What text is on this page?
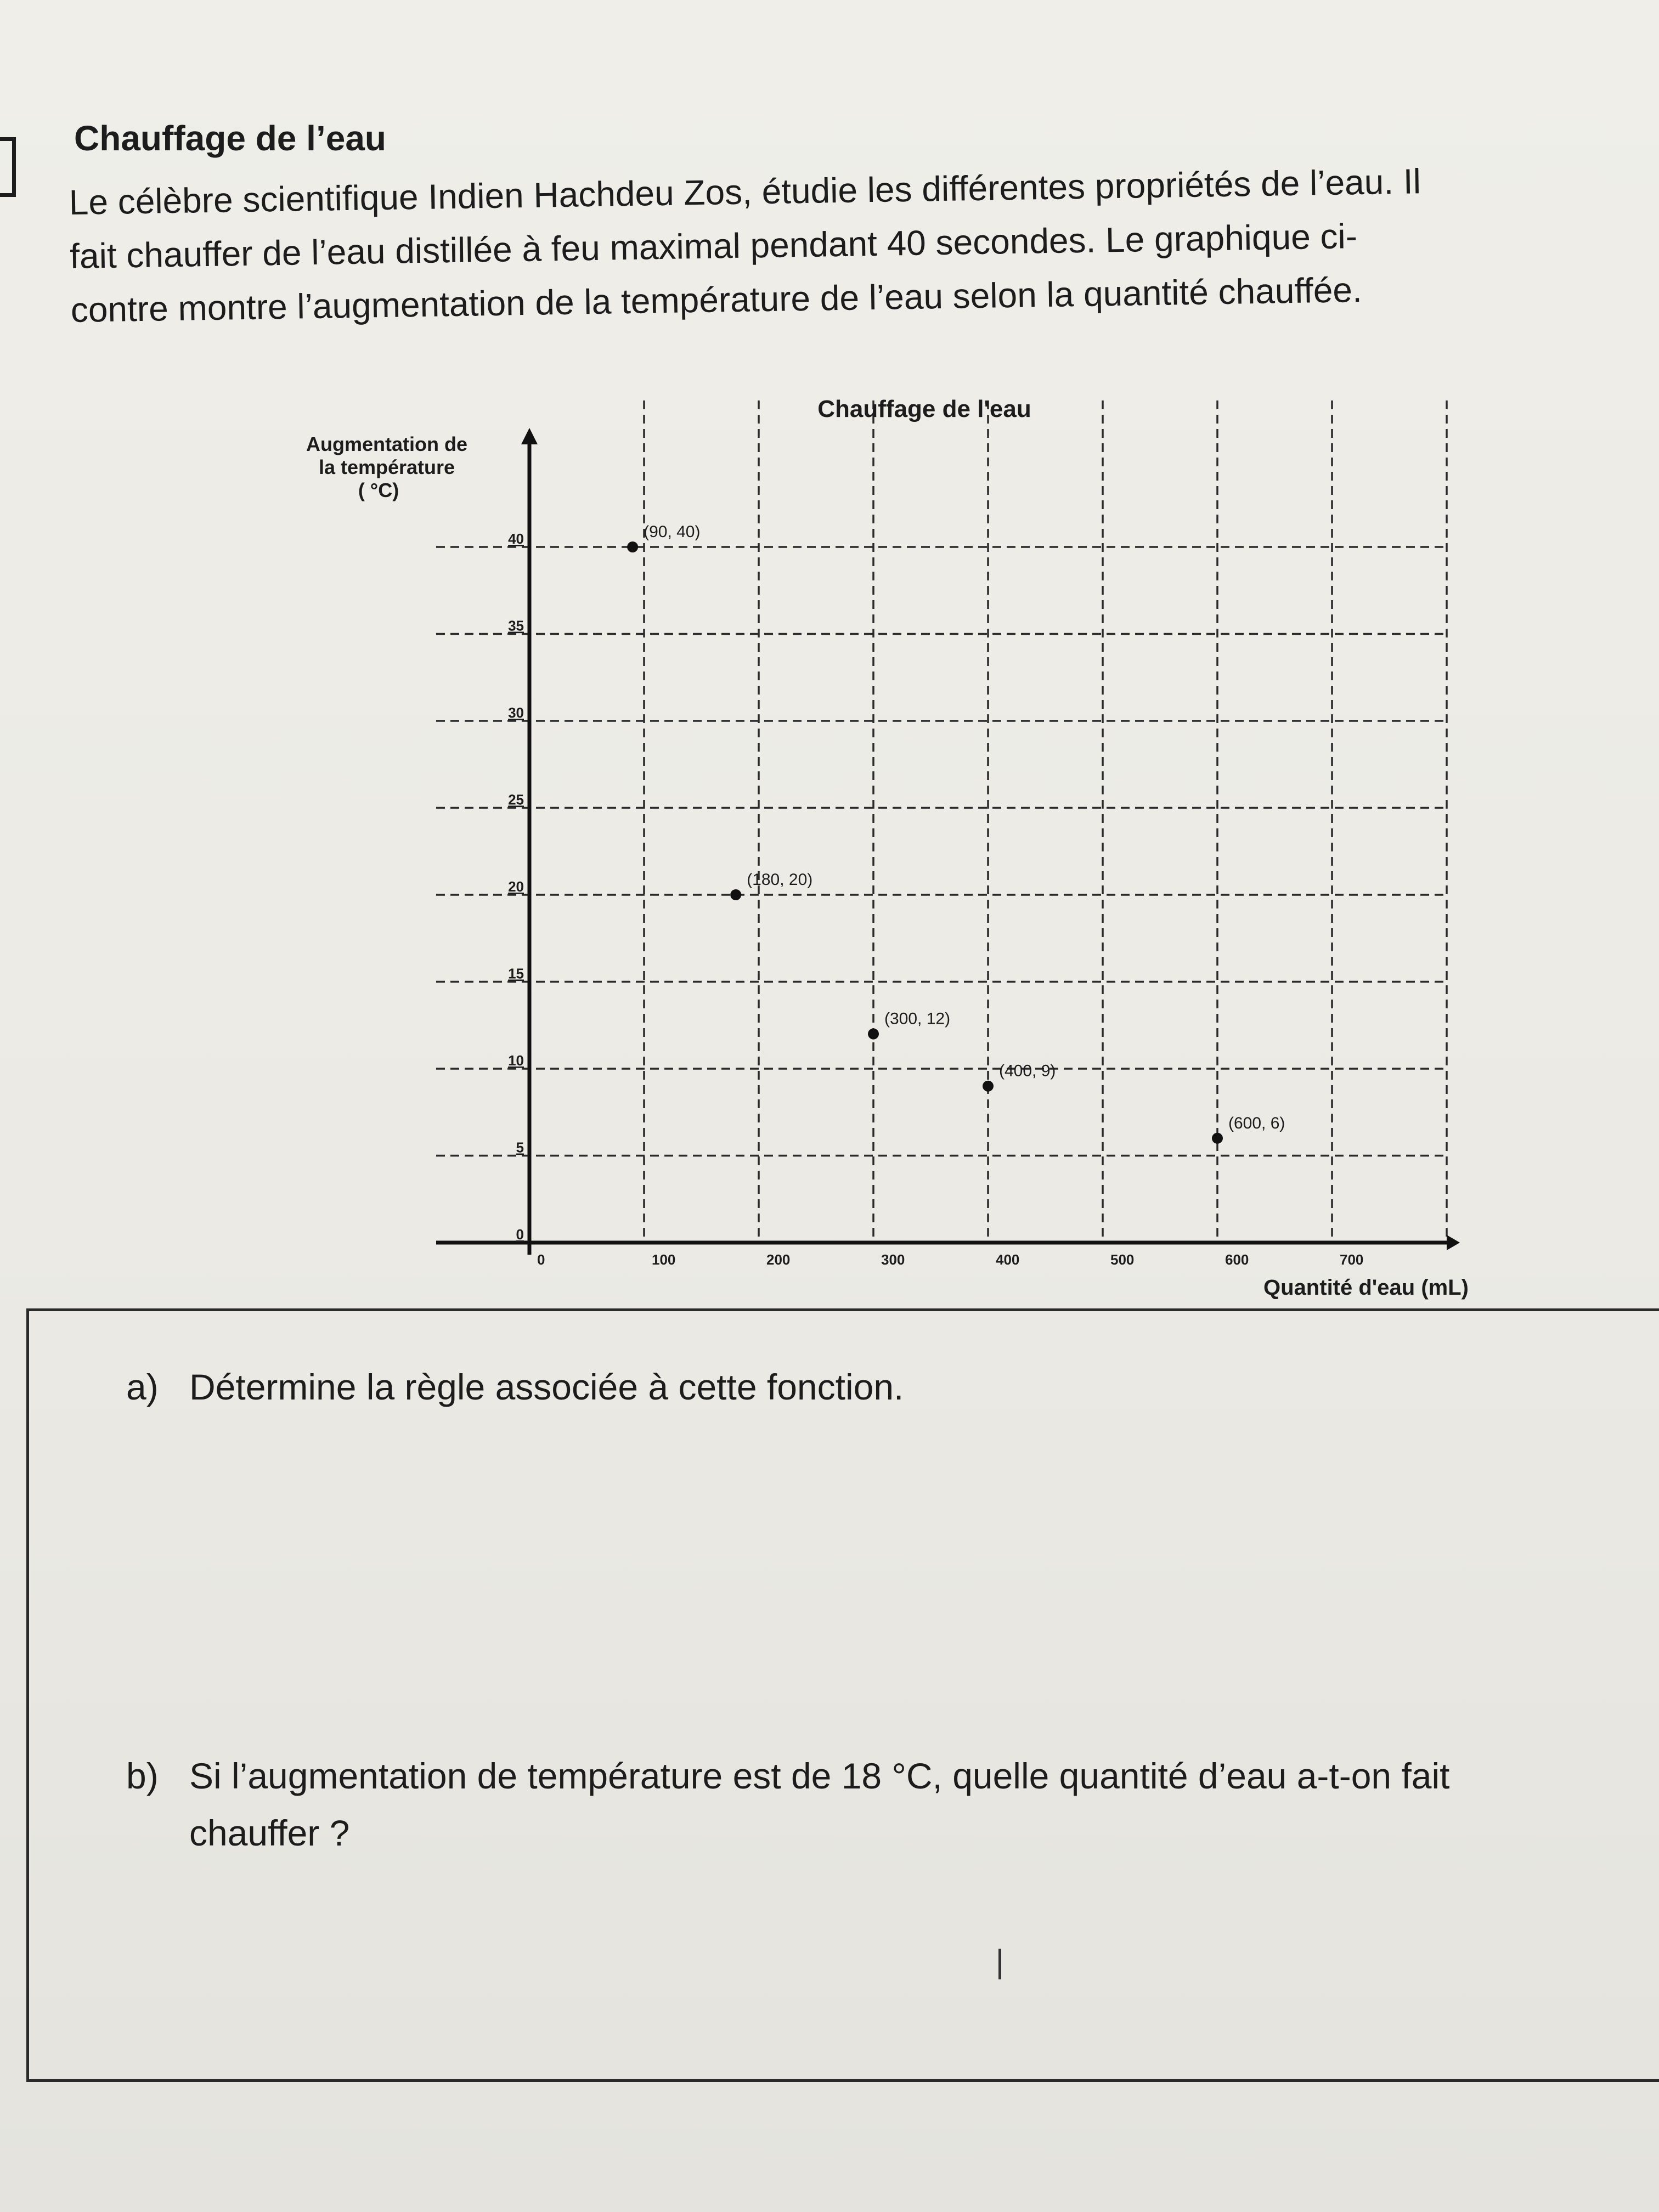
Chauffage de l’eau
Le célèbre scientifique Indien Hachdeu Zos, étudie les différentes propriétés de l’eau. Il
fait chauffer de l’eau distillée à feu maximal pendant 40 secondes. Le graphique ci-
contre montre l’augmentation de la température de l’eau selon la quantité chauffée.
0
5
10
15
20
25
30
35
40
0	100	200	300	400	500	600	700
(90, 40)
(180, 20)
(300, 12)
(400, 9)
(600, 6)
Chauffage de l'eau
Augmentation de
la température
( °C)
Quantité d'eau (mL)
a) Détermine la règle associée à cette fonction.
b) Si l’augmentation de température est de 18 °C, quelle quantité d’eau a-t-on fait
chauffer ?
